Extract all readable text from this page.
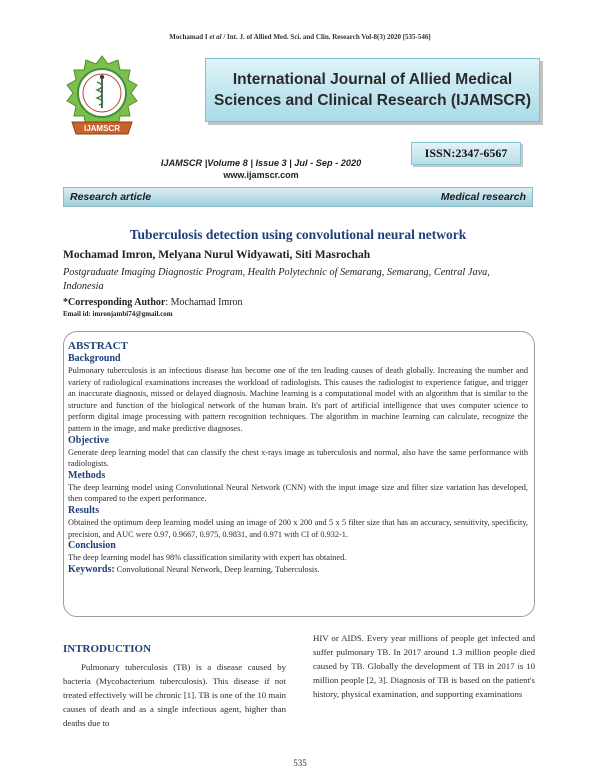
Mochamad I et al / Int. J. of Allied Med. Sci. and Clin. Research Vol-8(3) 2020 [535-546]
IJAMSCR
International Journal of Allied Medical Sciences and Clinical Research (IJAMSCR)
ISSN:2347-6567
IJAMSCR |Volume 8 | Issue 3 | Jul - Sep - 2020
www.ijamscr.com
Research article	Medical research
Tuberculosis detection using convolutional neural network
Mochamad Imron, Melyana Nurul Widyawati, Siti Masrochah
Postgraduate Imaging Diagnostic Program, Health Polytechnic of Semarang, Semarang, Central Java, Indonesia
*Corresponding Author: Mochamad Imron
Email id: imronjambi74@gmail.com
ABSTRACT
Background
Pulmonary tuberculosis is an infectious disease has become one of the ten leading causes of death globally. Increasing the number and variety of radiological examinations increases the workload of radiologists. This causes the radiologist to experience fatigue, and trigger an inaccurate diagnosis, missed or delayed diagnosis. Machine learning is a computational model with an algorithm that is similar to the structure and function of the biological network of the human brain. It's part of artificial intelligence that uses computer science to perform digital image processing with pattern recognition techniques. The algorithm in machine learning can calculate, recognize the pattern in the image, and make predictive diagnoses.
Objective
Generate deep learning model that can classify the chest x-rays image as tuberculosis and normal, also have the same performance with radiologists.
Methods
The deep learning model using Convolutional Neural Network (CNN) with the input image size and filter size variation has developed, then compared to the expert performance.
Results
Obtained the optimum deep learning model using an image of 200 x 200 and 5 x 5 filter size that has an accuracy, sensitivity, specificity, precision, and AUC were 0.97, 0.9667, 0.975, 0.9831, and 0.971 with CI of 0.932-1.
Conclusion
The deep learning model has 98% classification similarity with expert has obtained.
Keywords: Convolutional Neural Network, Deep learning, Tuberculosis.
INTRODUCTION
Pulmonary tuberculosis (TB) is a disease caused by bacteria (Mycobacterium tuberculosis). This disease if not treated effectively will be chronic [1]. TB is one of the 10 main causes of death and as a single infectious agent, higher than deaths due to
HIV or AIDS. Every year millions of people get infected and suffer pulmonary TB. In 2017 around 1.3 million people died caused by TB. Globally the development of TB in 2017 is 10 million people [2, 3]. Diagnosis of TB is based on the patient's history, physical examination, and supporting examinations
535
